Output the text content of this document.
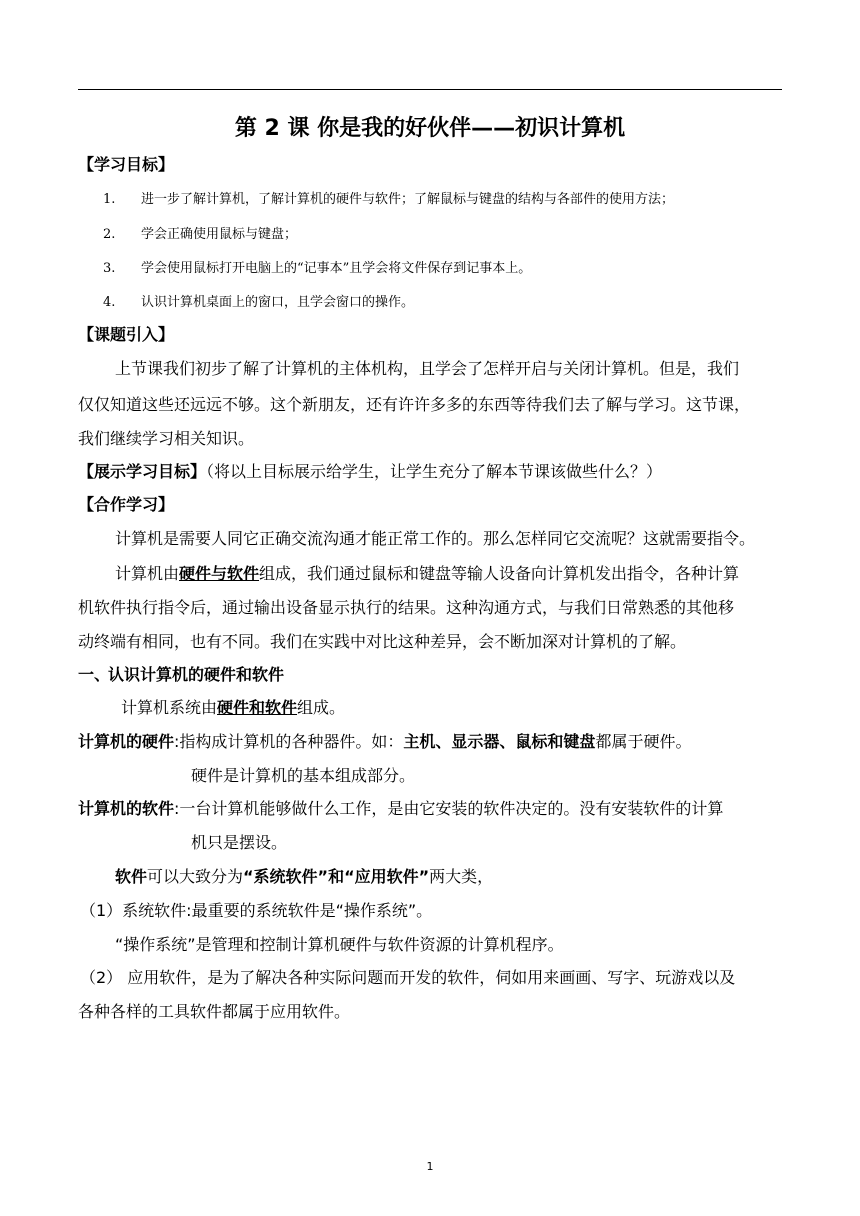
第 2 课 你是我的好伙伴——初识计算机
【学习目标】
1. 进一步了解计算机，了解计算机的硬件与软件；了解鼠标与键盘的结构与各部件的使用方法；
2. 学会正确使用鼠标与键盘；
3. 学会使用鼠标打开电脑上的“记事本”且学会将文件保存到记事本上。
4. 认识计算机桌面上的窗口，且学会窗口的操作。
【课题引入】
上节课我们初步了解了计算机的主体机构，且学会了怎样开启与关闭计算机。但是，我们
仅仅知道这些还远远不够。这个新朋友，还有许许多多的东西等待我们去了解与学习。这节课，
我们继续学习相关知识。
【展示学习目标】（将以上目标展示给学生，让学生充分了解本节课该做些什么？）
【合作学习】
计算机是需要人同它正确交流沟通才能正常工作的。那么怎样同它交流呢？这就需要指令。
计算机由硬件与软件组成，我们通过鼠标和键盘等输人设备向计算机发出指令，各种计算
机软件执行指令后，通过输出设备显示执行的结果。这种沟通方式，与我们日常熟悉的其他移
动终端有相同，也有不同。我们在实践中对比这种差异，会不断加深对计算机的了解。
一、认识计算机的硬件和软件
计算机系统由硬件和软件组成。
计算机的硬件:指构成计算机的各种器件。如：主机、显示器、鼠标和键盘都属于硬件。
硬件是计算机的基本组成部分。
计算机的软件:一台计算机能够做什么工作，是由它安装的软件决定的。没有安装软件的计算
机只是摆设。
软件可以大致分为“系统软件”和“应用软件”两大类，
（1）系统软件:最重要的系统软件是“操作系统”。
“操作系统”是管理和控制计算机硬件与软件资源的计算机程序。
（2） 应用软件，是为了解决各种实际问题而开发的软件，伺如用来画画、写字、玩游戏以及
各种各样的工具软件都属于应用软件。
1
